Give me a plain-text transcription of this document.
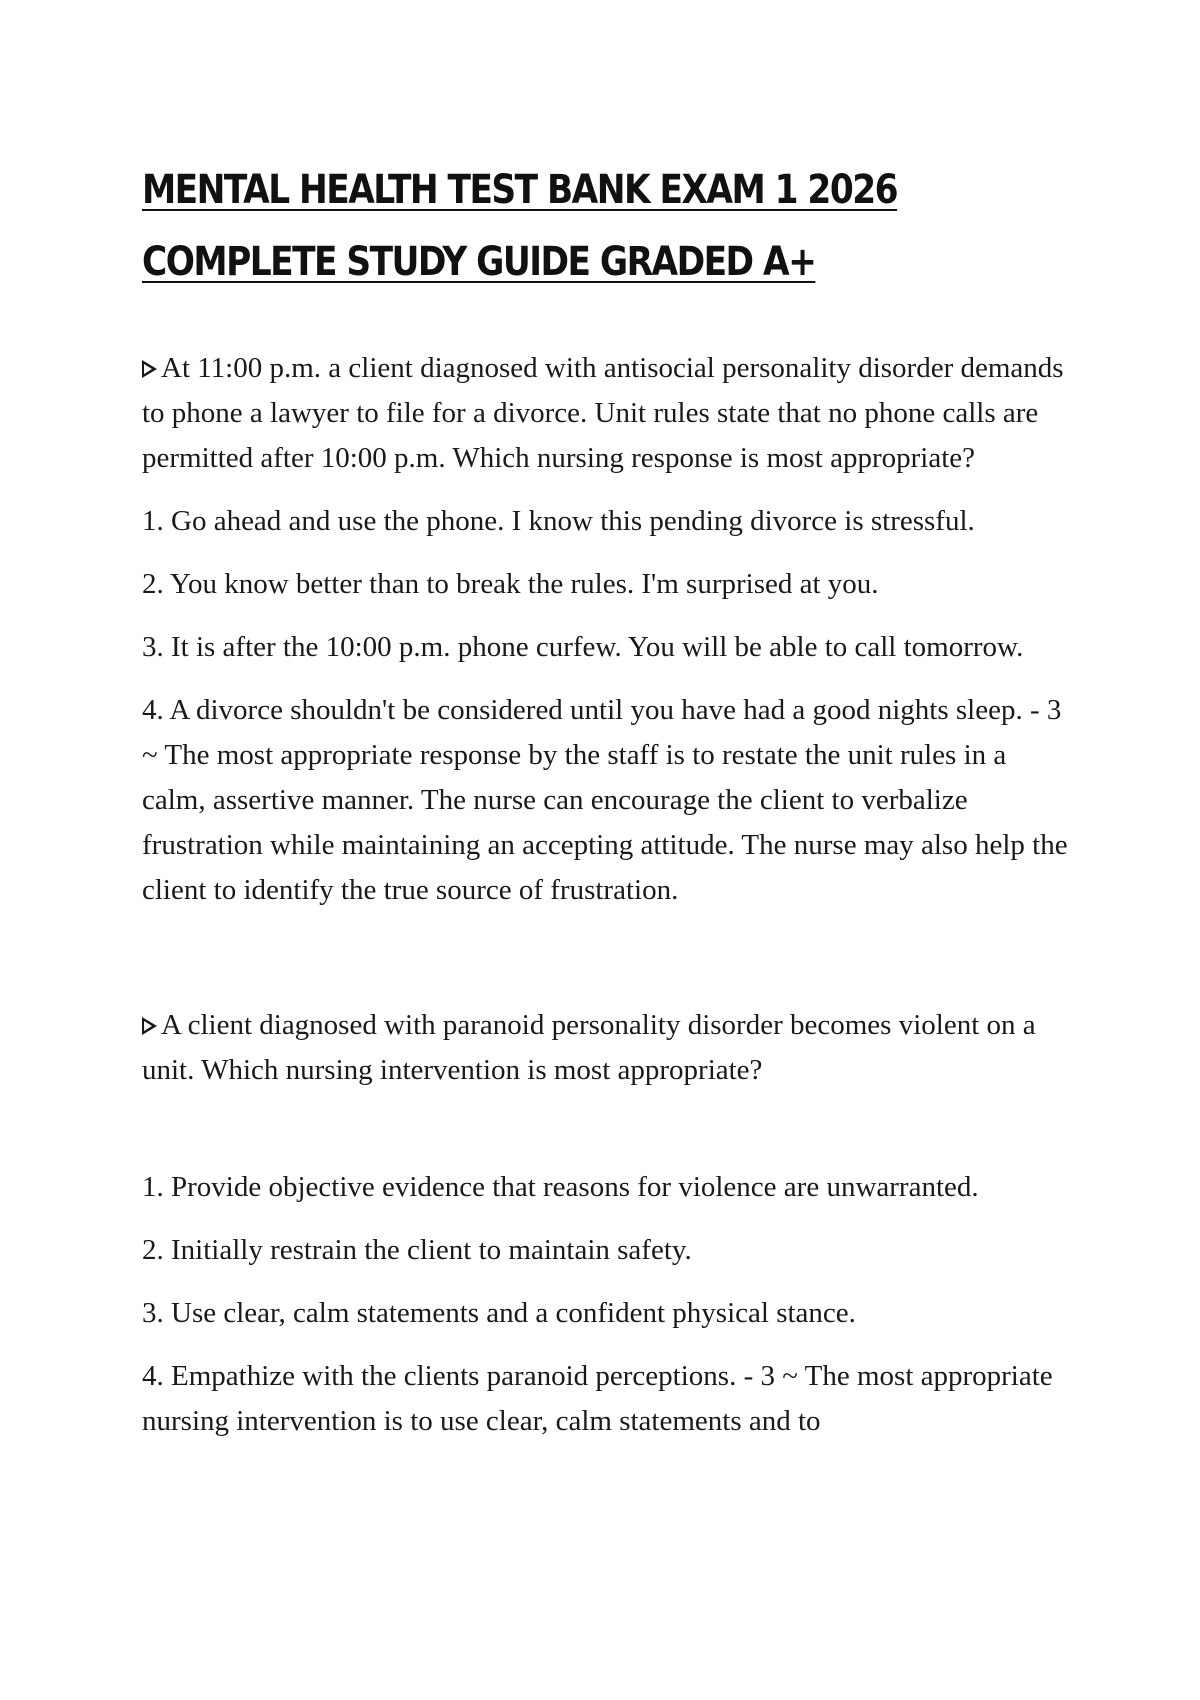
MENTAL HEALTH TEST BANK EXAM 1 2026
COMPLETE STUDY GUIDE GRADED A+

At 11:00 p.m. a client diagnosed with antisocial personality disorder demands to phone a lawyer to file for a divorce. Unit rules state that no phone calls are permitted after 10:00 p.m. Which nursing response is most appropriate?

1. Go ahead and use the phone. I know this pending divorce is stressful.

2. You know better than to break the rules. I'm surprised at you.

3. It is after the 10:00 p.m. phone curfew. You will be able to call tomorrow.

4. A divorce shouldn't be considered until you have had a good nights sleep. - 3 ~ The most appropriate response by the staff is to restate the unit rules in a calm, assertive manner. The nurse can encourage the client to verbalize frustration while maintaining an accepting attitude. The nurse may also help the client to identify the true source of frustration.

A client diagnosed with paranoid personality disorder becomes violent on a unit. Which nursing intervention is most appropriate?

1. Provide objective evidence that reasons for violence are unwarranted.

2. Initially restrain the client to maintain safety.

3. Use clear, calm statements and a confident physical stance.

4. Empathize with the clients paranoid perceptions. - 3 ~ The most appropriate nursing intervention is to use clear, calm statements and to
